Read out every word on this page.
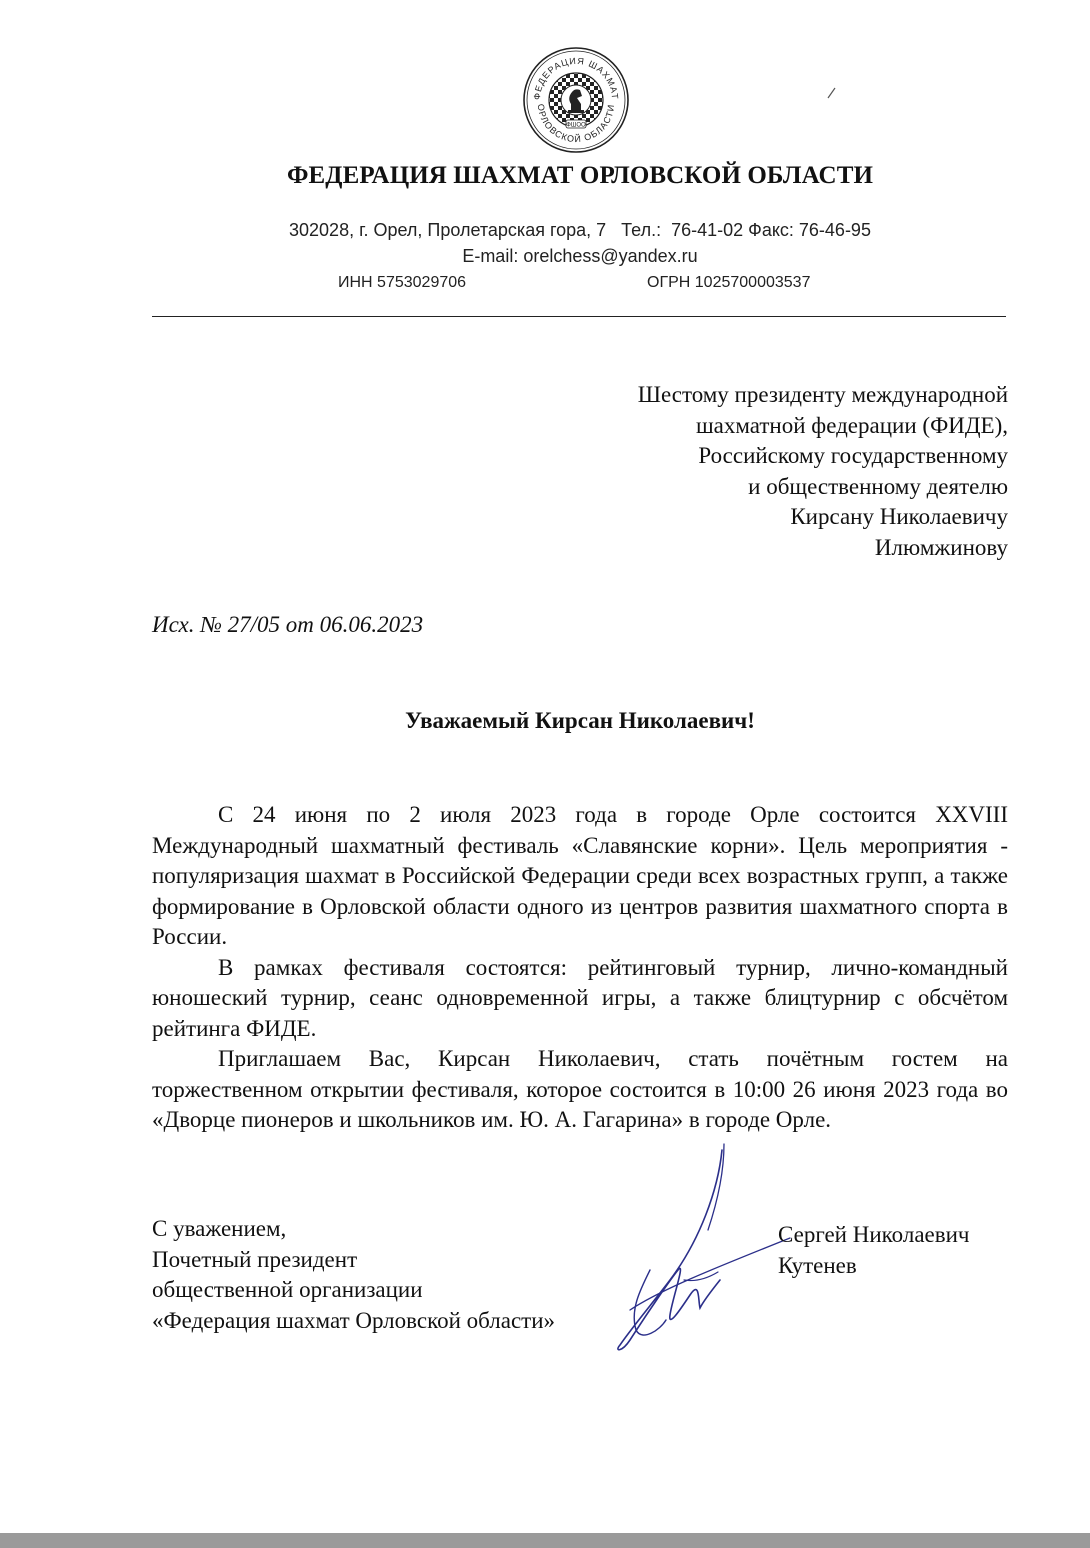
ФШОО
ФЕДЕРАЦИЯ ШАХМАТ
ОРЛОВСКОЙ ОБЛАСТИ
ФЕДЕРАЦИЯ ШАХМАТ ОРЛОВСКОЙ ОБЛАСТИ
302028, г. Орел, Пролетарская гора, 7   Тел.:  76-41-02 Факс: 76-46-95
E-mail: orelchess@yandex.ru
ИНН 5753029706	ОГРН 1025700003537
Шестому президенту международной
шахматной федерации (ФИДЕ),
Российскому государственному
и общественному деятелю
Кирсану Николаевичу
Илюмжинову
Исх. № 27/05 от 06.06.2023
Уважаемый Кирсан Николаевич!

С 24 июня по 2 июля 2023 года в городе Орле состоится XXVIII Международный шахматный фестиваль «Славянские корни». Цель мероприятия - популяризация шахмат в Российской Федерации среди всех возрастных групп, а также формирование в Орловской области одного из центров развития шахматного спорта в России.

В рамках фестиваля состоятся: рейтинговый турнир, лично-командный юношеский турнир, сеанс одновременной игры, а также блицтурнир с обсчётом рейтинга ФИДЕ.

Приглашаем Вас, Кирсан Николаевич, стать почётным гостем на торжественном открытии фестиваля, которое состоится в 10:00 26 июня 2023 года во «Дворце пионеров и школьников им. Ю. А. Гагарина» в городе Орле.

С уважением,
Почетный президент
общественной организации
«Федерация шахмат Орловской области»
Сергей Николаевич
Кутенев
